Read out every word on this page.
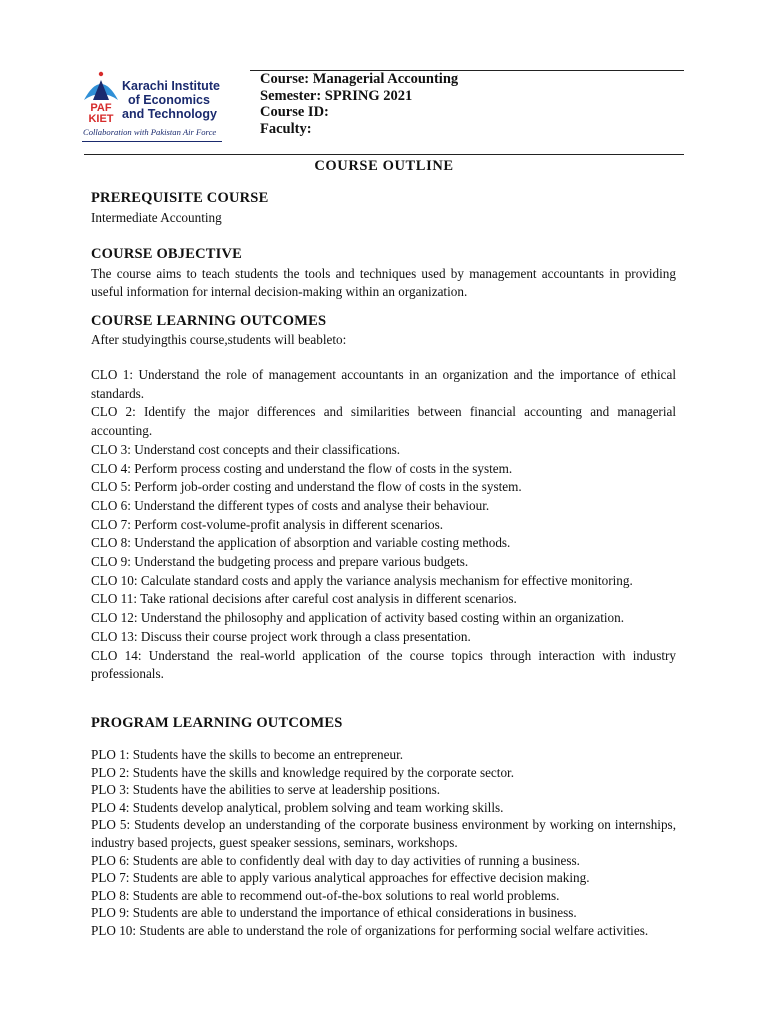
PAF
KIET
Karachi Institute
of Economics
and Technology
Collaboration with Pakistan Air Force
Course: Managerial Accounting
Semester: SPRING 2021
Course ID:
Faculty:
COURSE OUTLINE
PREREQUISITE COURSE
Intermediate Accounting
COURSE OBJECTIVE
The course aims to teach students the tools and techniques used by management accountants in providing useful information for internal decision-making within an organization.
COURSE LEARNING OUTCOMES
After studyingthis course,students will beableto:
CLO 1: Understand the role of management accountants in an organization and the importance of ethical standards.
CLO 2: Identify the major differences and similarities between financial accounting and managerial accounting.
CLO 3: Understand cost concepts and their classifications.
CLO 4: Perform process costing and understand the flow of costs in the system.
CLO 5: Perform job-order costing and understand the flow of costs in the system.
CLO 6: Understand the different types of costs and analyse their behaviour.
CLO 7: Perform cost-volume-profit analysis in different scenarios.
CLO 8: Understand the application of absorption and variable costing methods.
CLO 9: Understand the budgeting process and prepare various budgets.
CLO 10: Calculate standard costs and apply the variance analysis mechanism for effective monitoring.
CLO 11: Take rational decisions after careful cost analysis in different scenarios.
CLO 12: Understand the philosophy and application of activity based costing within an organization.
CLO 13: Discuss their course project work through a class presentation.
CLO 14: Understand the real-world application of the course topics through interaction with industry professionals.
PROGRAM LEARNING OUTCOMES
PLO 1: Students have the skills to become an entrepreneur.
PLO 2: Students have the skills and knowledge required by the corporate sector.
PLO 3: Students have the abilities to serve at leadership positions.
PLO 4: Students develop analytical, problem solving and team working skills.
PLO 5: Students develop an understanding of the corporate business environment by working on internships, industry based projects, guest speaker sessions, seminars, workshops.
PLO 6: Students are able to confidently deal with day to day activities of running a business.
PLO 7: Students are able to apply various analytical approaches for effective decision making.
PLO 8: Students are able to recommend out-of-the-box solutions to real world problems.
PLO 9: Students are able to understand the importance of ethical considerations in business.
PLO 10: Students are able to understand the role of organizations for performing social welfare activities.
